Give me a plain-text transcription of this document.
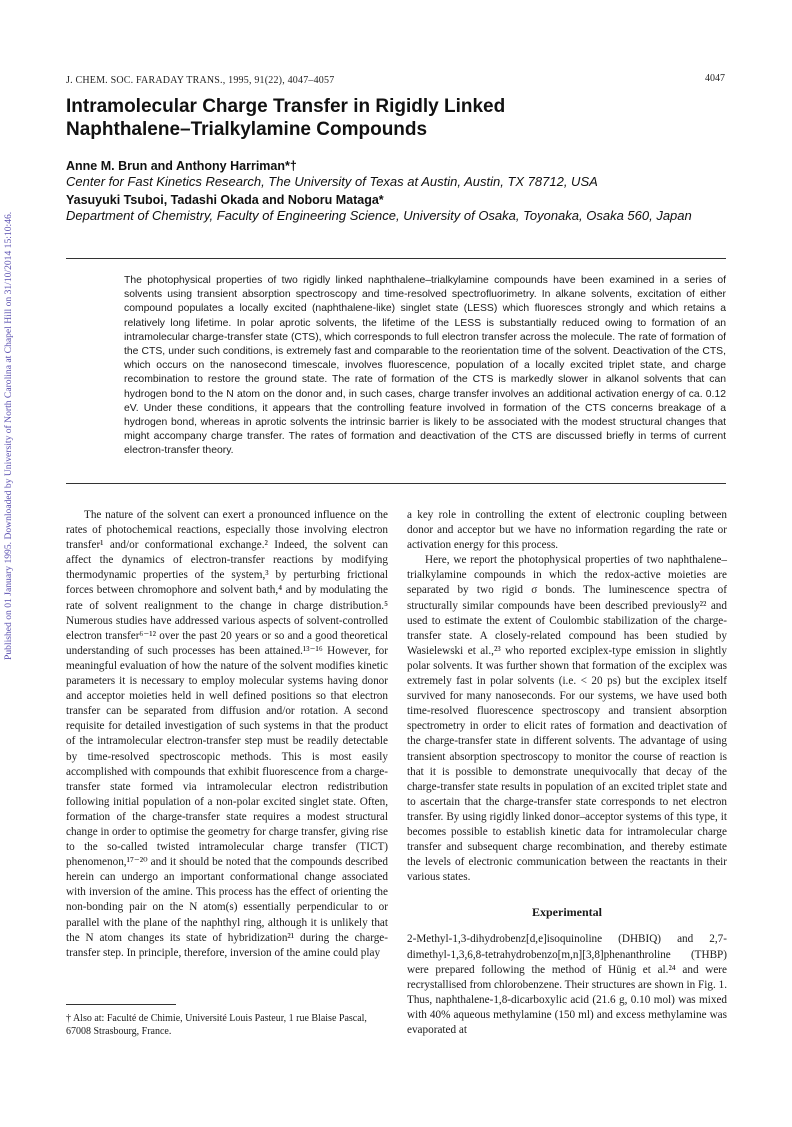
Published on 01 January 1995. Downloaded by University of North Carolina at Chapel Hill on 31/10/2014 15:10:46.
J. CHEM. SOC. FARADAY TRANS., 1995, 91(22), 4047–4057	4047
Intramolecular Charge Transfer in Rigidly Linked
Naphthalene–Trialkylamine Compounds
Anne M. Brun and Anthony Harriman*†
Center for Fast Kinetics Research, The University of Texas at Austin, Austin, TX 78712, USA
Yasuyuki Tsuboi, Tadashi Okada and Noboru Mataga*
Department of Chemistry, Faculty of Engineering Science, University of Osaka, Toyonaka, Osaka 560, Japan

The photophysical properties of two rigidly linked naphthalene–trialkylamine compounds have been examined in a series of solvents using transient absorption spectroscopy and time-resolved spectrofluorimetry. In alkane solvents, excitation of either compound populates a locally excited (naphthalene-like) singlet state (LESS) which fluoresces strongly and which retains a relatively long lifetime. In polar aprotic solvents, the lifetime of the LESS is substantially reduced owing to formation of an intramolecular charge-transfer state (CTS), which corresponds to full electron transfer across the molecule. The rate of formation of the CTS, under such conditions, is extremely fast and comparable to the reorientation time of the solvent. Deactivation of the CTS, which occurs on the nanosecond timescale, involves fluorescence, population of a locally excited triplet state, and charge recombination to restore the ground state. The rate of formation of the CTS is markedly slower in alkanol solvents that can hydrogen bond to the N atom on the donor and, in such cases, charge transfer involves an additional activation energy of ca. 0.12 eV. Under these conditions, it appears that the controlling feature involved in formation of the CTS concerns breakage of a hydrogen bond, whereas in aprotic solvents the intrinsic barrier is likely to be associated with the modest structural changes that might accompany charge transfer. The rates of formation and deactivation of the CTS are discussed briefly in terms of current electron-transfer theory.

The nature of the solvent can exert a pronounced influence on the rates of photochemical reactions, especially those involving electron transfer¹ and/or conformational exchange.² Indeed, the solvent can affect the dynamics of electron-transfer reactions by modifying thermodynamic properties of the system,³ by perturbing frictional forces between chromophore and solvent bath,⁴ and by modulating the rate of solvent realignment to the change in charge distribution.⁵ Numerous studies have addressed various aspects of solvent-controlled electron transfer⁶⁻¹² over the past 20 years or so and a good theoretical understanding of such processes has been attained.¹³⁻¹⁶ However, for meaningful evaluation of how the nature of the solvent modifies kinetic parameters it is necessary to employ molecular systems having donor and acceptor moieties held in well defined positions so that electron transfer can be separated from diffusion and/or rotation. A second requisite for detailed investigation of such systems in that the product of the intramolecular electron-transfer step must be readily detectable by time-resolved spectroscopic methods. This is most easily accomplished with compounds that exhibit fluorescence from a charge-transfer state formed via intramolecular electron redistribution following initial population of a non-polar excited singlet state. Often, formation of the charge-transfer state requires a modest structural change in order to optimise the geometry for charge transfer, giving rise to the so-called twisted intramolecular charge transfer (TICT) phenomenon,¹⁷⁻²⁰ and it should be noted that the compounds described herein can undergo an important conformational change associated with inversion of the amine. This process has the effect of orienting the non-bonding pair on the N atom(s) essentially perpendicular to or parallel with the plane of the naphthyl ring, although it is unlikely that the N atom changes its state of hybridization²¹ during the charge-transfer step. In principle, therefore, inversion of the amine could play

a key role in controlling the extent of electronic coupling between donor and acceptor but we have no information regarding the rate or activation energy for this process.

Here, we report the photophysical properties of two naphthalene–trialkylamine compounds in which the redox-active moieties are separated by two rigid σ bonds. The luminescence spectra of structurally similar compounds have been described previously²² and used to estimate the extent of Coulombic stabilization of the charge-transfer state. A closely-related compound has been studied by Wasielewski et al.,²³ who reported exciplex-type emission in slightly polar solvents. It was further shown that formation of the exciplex was extremely fast in polar solvents (i.e. < 20 ps) but the exciplex itself survived for many nanoseconds. For our systems, we have used both time-resolved fluorescence spectroscopy and transient absorption spectrometry in order to elicit rates of formation and deactivation of the charge-transfer state in different solvents. The advantage of using transient absorption spectroscopy to monitor the course of reaction is that it is possible to demonstrate unequivocally that decay of the charge-transfer state results in population of an excited triplet state and to ascertain that the charge-transfer state corresponds to net electron transfer. By using rigidly linked donor–acceptor systems of this type, it becomes possible to establish kinetic data for intramolecular charge transfer and subsequent charge recombination, and thereby estimate the levels of electronic communication between the reactants in their various states.

Experimental

2-Methyl-1,3-dihydrobenz[d,e]isoquinoline (DHBIQ) and 2,7-dimethyl-1,3,6,8-tetrahydrobenzo[m,n][3,8]phenanthroline (THBP) were prepared following the method of Hünig et al.²⁴ and were recrystallised from chlorobenzene. Their structures are shown in Fig. 1. Thus, naphthalene-1,8-dicarboxylic acid (21.6 g, 0.10 mol) was mixed with 40% aqueous methylamine (150 ml) and excess methylamine was evaporated at

† Also at: Faculté de Chimie, Université Louis Pasteur, 1 rue Blaise Pascal, 67008 Strasbourg, France.
